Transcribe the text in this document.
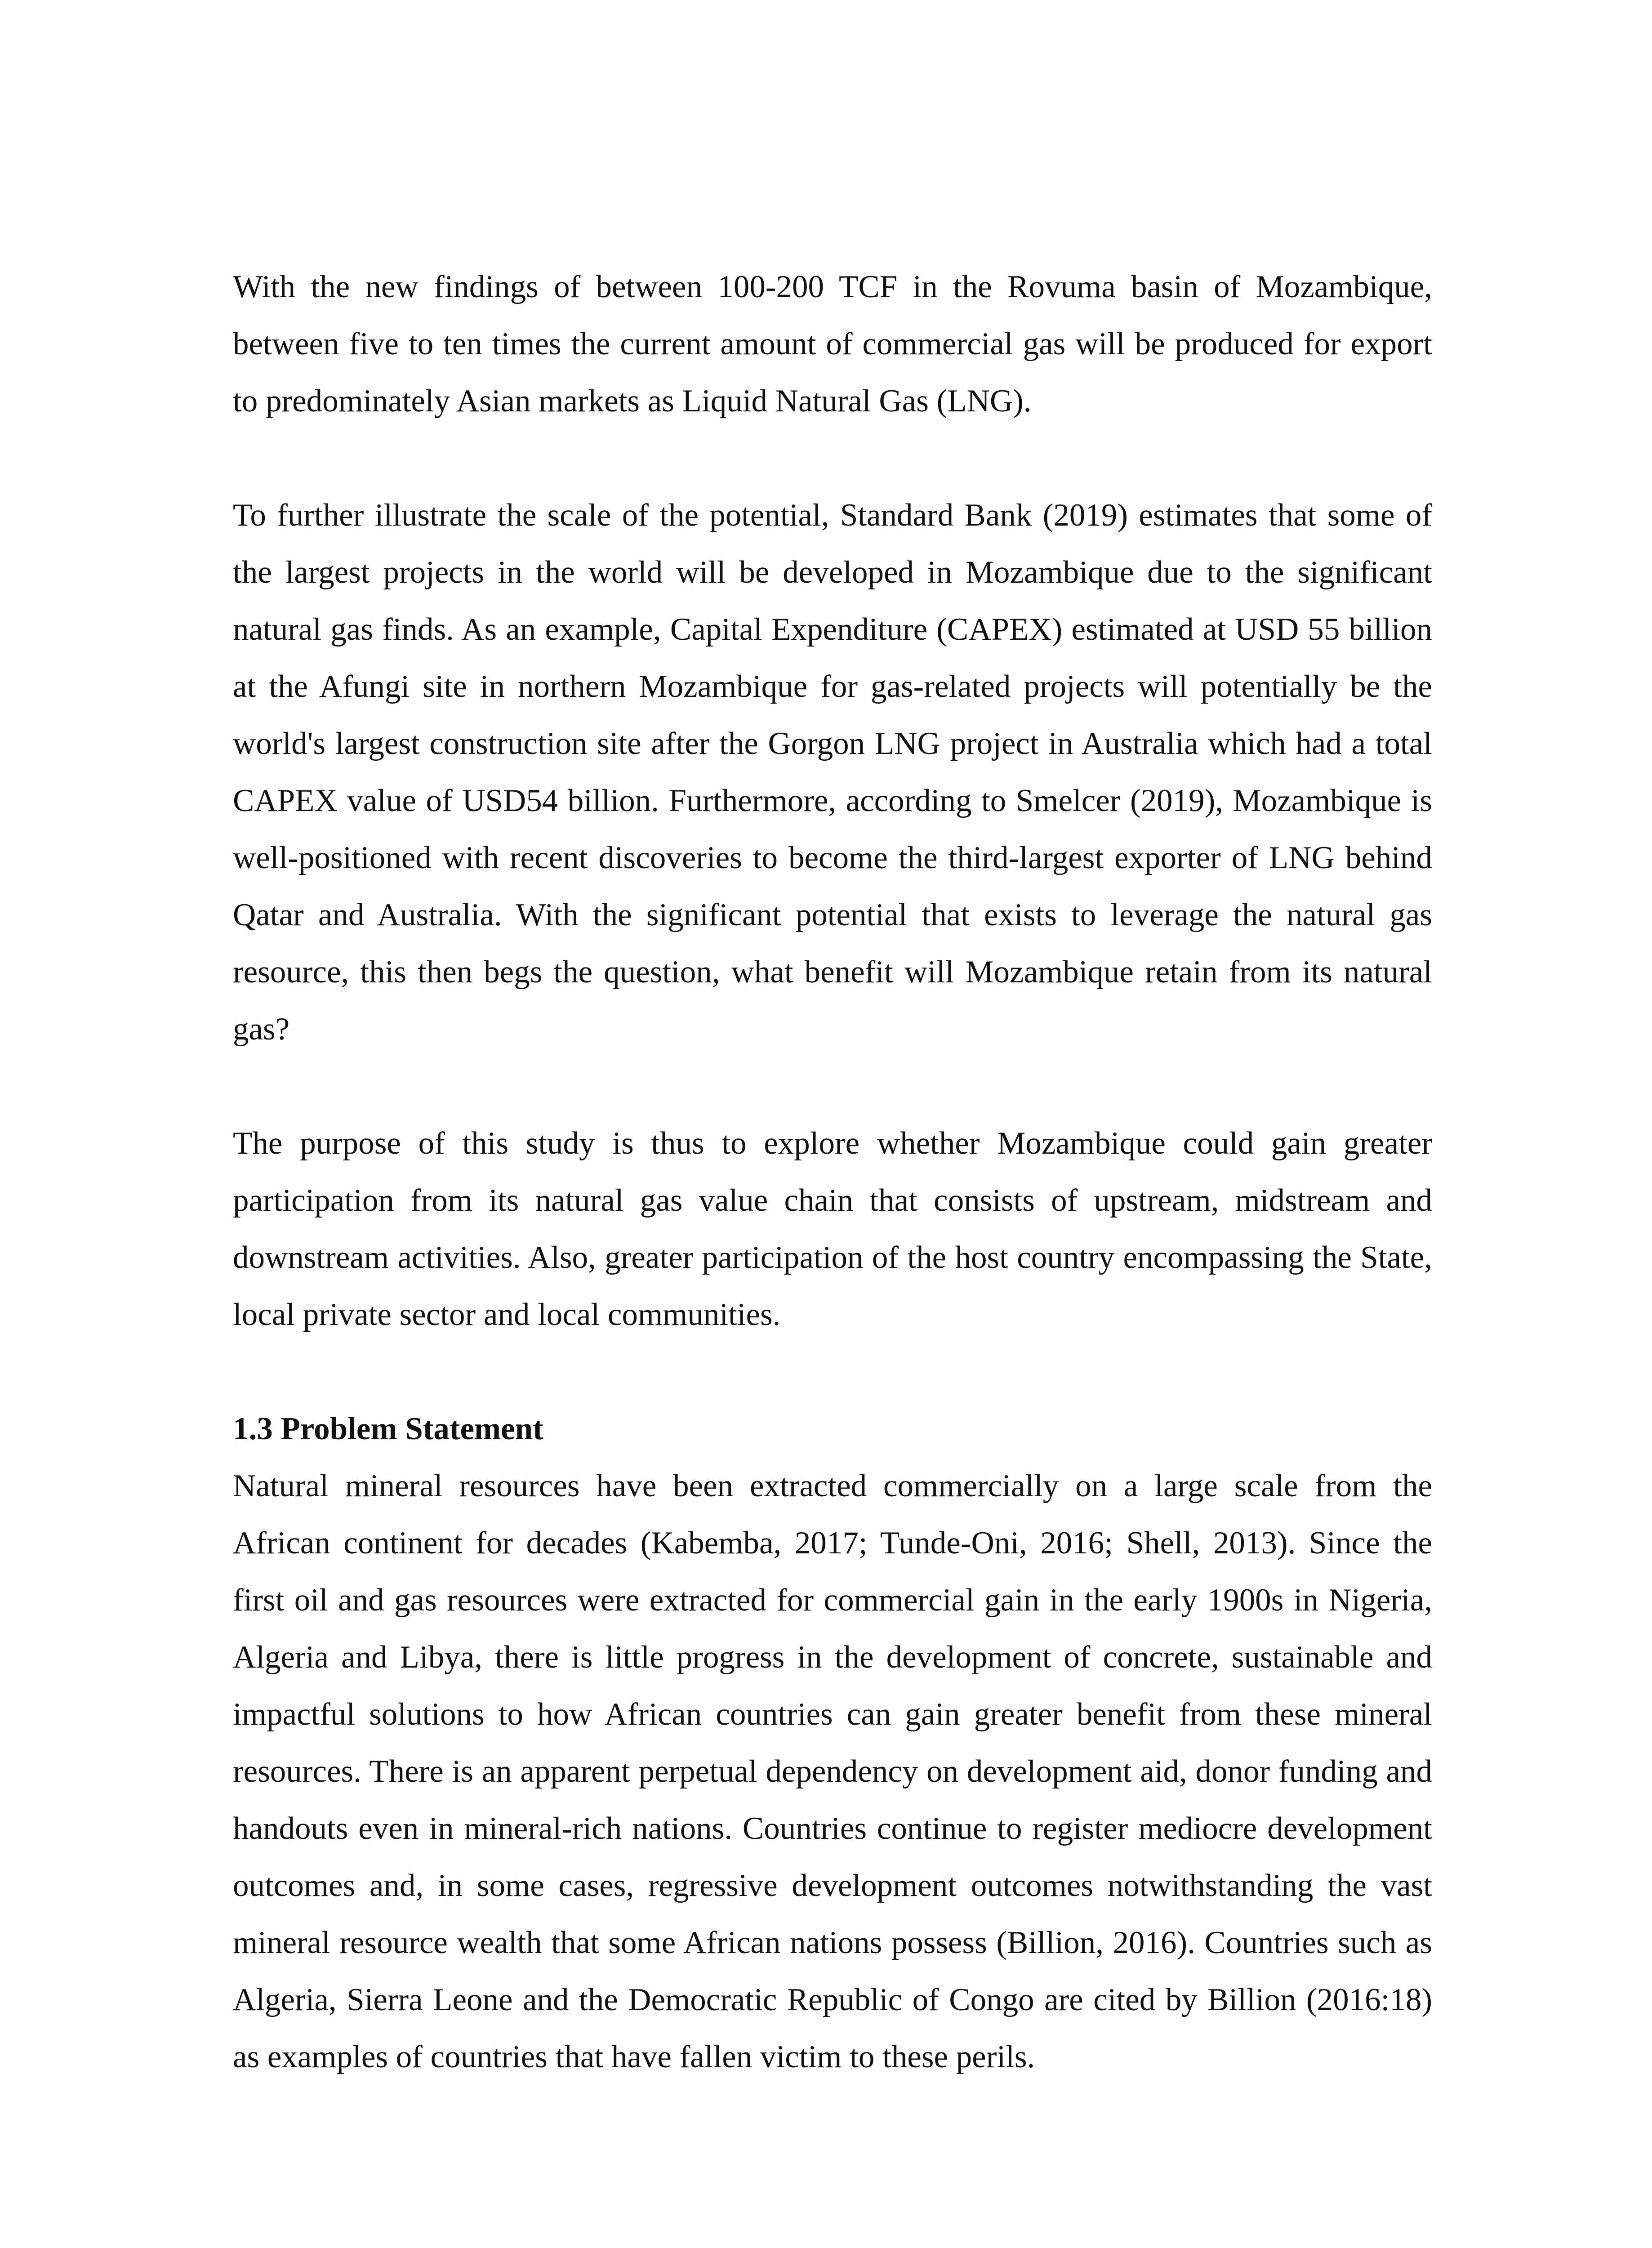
With the new findings of between 100-200 TCF in the Rovuma basin of Mozambique, between five to ten times the current amount of commercial gas will be produced for export to predominately Asian markets as Liquid Natural Gas (LNG).

To further illustrate the scale of the potential, Standard Bank (2019) estimates that some of the largest projects in the world will be developed in Mozambique due to the significant natural gas finds. As an example, Capital Expenditure (CAPEX) estimated at USD 55 billion at the Afungi site in northern Mozambique for gas-related projects will potentially be the world's largest construction site after the Gorgon LNG project in Australia which had a total CAPEX value of USD54 billion. Furthermore, according to Smelcer (2019), Mozambique is well-positioned with recent discoveries to become the third-largest exporter of LNG behind Qatar and Australia. With the significant potential that exists to leverage the natural gas resource, this then begs the question, what benefit will Mozambique retain from its natural gas?

The purpose of this study is thus to explore whether Mozambique could gain greater participation from its natural gas value chain that consists of upstream, midstream and downstream activities. Also, greater participation of the host country encompassing the State, local private sector and local communities.

1.3 Problem Statement

Natural mineral resources have been extracted commercially on a large scale from the African continent for decades (Kabemba, 2017; Tunde-Oni, 2016; Shell, 2013). Since the first oil and gas resources were extracted for commercial gain in the early 1900s in Nigeria, Algeria and Libya, there is little progress in the development of concrete, sustainable and impactful solutions to how African countries can gain greater benefit from these mineral resources. There is an apparent perpetual dependency on development aid, donor funding and handouts even in mineral-rich nations. Countries continue to register mediocre development outcomes and, in some cases, regressive development outcomes notwithstanding the vast mineral resource wealth that some African nations possess (Billion, 2016). Countries such as Algeria, Sierra Leone and the Democratic Republic of Congo are cited by Billion (2016:18) as examples of countries that have fallen victim to these perils.
